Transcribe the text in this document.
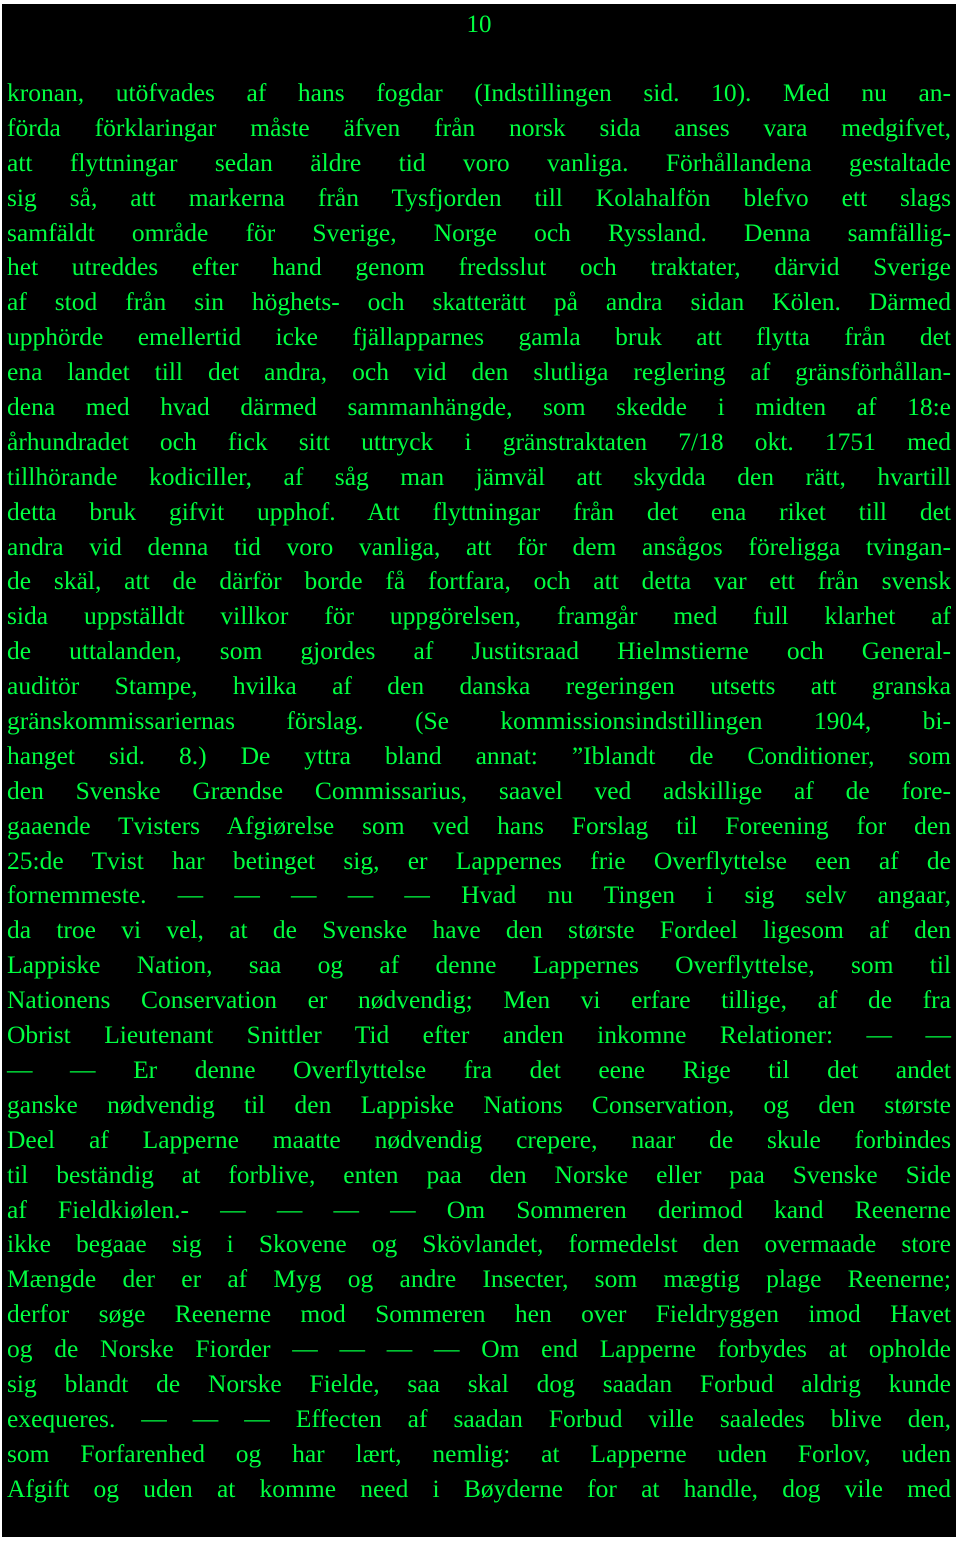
10
kronan, utöfvades af hans fogdar (Indstillingen sid. 10). Med nu an-
förda förklaringar måste äfven från norsk sida anses vara medgifvet,
att flyttningar sedan äldre tid voro vanliga. Förhållandena gestaltade
sig så, att markerna från Tysfjorden till Kolahalfön blefvo ett slags
samfäldt område för Sverige, Norge och Ryssland. Denna samfällig-
het utreddes efter hand genom fredsslut och traktater, därvid Sverige
af stod från sin höghets- och skatterätt på andra sidan Kölen. Därmed
upphörde emellertid icke fjällapparnes gamla bruk att flytta från det
ena landet till det andra, och vid den slutliga reglering af gränsförhållan-
dena med hvad därmed sammanhängde, som skedde i midten af 18:e
århundradet och fick sitt uttryck i gränstraktaten 7/18 okt. 1751 med
tillhörande kodiciller, af såg man jämväl att skydda den rätt, hvartill
detta bruk gifvit upphof. Att flyttningar från det ena riket till det
andra vid denna tid voro vanliga, att för dem ansågos föreligga tvingan-
de skäl, att de därför borde få fortfara, och att detta var ett från svensk
sida uppställdt villkor för uppgörelsen, framgår med full klarhet af
de uttalanden, som gjordes af Justitsraad Hielmstierne och General-
auditör Stampe, hvilka af den danska regeringen utsetts att granska
gränskommissariernas förslag. (Se kommissionsindstillingen 1904, bi-
hanget sid. 8.) De yttra bland annat: ”Iblandt de Conditioner, som
den Svenske Grændse Commissarius, saavel ved adskillige af de fore-
gaaende Tvisters Afgiørelse som ved hans Forslag til Foreening for den
25:de Tvist har betinget sig, er Lappernes frie Overflyttelse een af de
fornemmeste. — — — — — Hvad nu Tingen i sig selv angaar,
da troe vi vel, at de Svenske have den største Fordeel ligesom af den
Lappiske Nation, saa og af denne Lappernes Overflyttelse, som til
Nationens Conservation er nødvendig; Men vi erfare tillige, af de fra
Obrist Lieutenant Snittler Tid efter anden inkomne Relationer: — —
— — Er denne Overflyttelse fra det eene Rige til det andet
ganske nødvendig til den Lappiske Nations Conservation, og den største
Deel af Lapperne maatte nødvendig crepere, naar de skule forbindes
til beständig at forblive, enten paa den Norske eller paa Svenske Side
af Fieldkiølen.- — — — — Om Sommeren derimod kand Reenerne
ikke begaae sig i Skovene og Skövlandet, formedelst den overmaade store
Mængde der er af Myg og andre Insecter, som mægtig plage Reenerne;
derfor søge Reenerne mod Sommeren hen over Fieldryggen imod Havet
og de Norske Fiorder — — — — Om end Lapperne forbydes at opholde
sig blandt de Norske Fielde, saa skal dog saadan Forbud aldrig kunde
exequeres. — — — Effecten af saadan Forbud ville saaledes blive den,
som Forfarenhed og har lært, nemlig: at Lapperne uden Forlov, uden
Afgift og uden at komme need i Bøyderne for at handle, dog vile med
